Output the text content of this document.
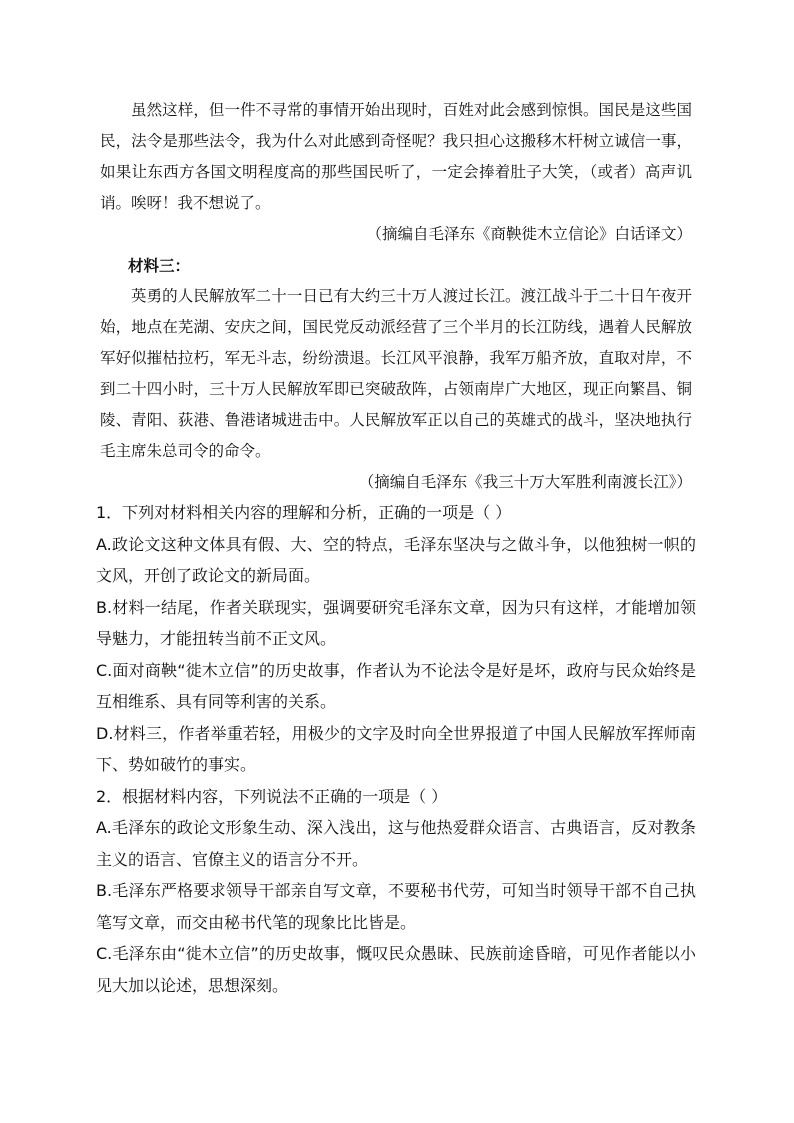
虽然这样，但一件不寻常的事情开始出现时，百姓对此会感到惊惧。国民是这些国民，法令是那些法令，我为什么对此感到奇怪呢？我只担心这搬移木杆树立诚信一事，如果让东西方各国文明程度高的那些国民听了，一定会捧着肚子大笑，（或者）高声讥诮。唉呀！我不想说了。

（摘编自毛泽东《商鞅徙木立信论》白话译文）

材料三：

英勇的人民解放军二十一日已有大约三十万人渡过长江。渡江战斗于二十日午夜开始，地点在芜湖、安庆之间，国民党反动派经营了三个半月的长江防线，遇着人民解放军好似摧枯拉朽，军无斗志，纷纷溃退。长江风平浪静，我军万船齐放，直取对岸，不到二十四小时，三十万人民解放军即已突破敌阵，占领南岸广大地区，现正向繁昌、铜陵、青阳、荻港、鲁港诸城进击中。人民解放军正以自己的英雄式的战斗，坚决地执行毛主席朱总司令的命令。

（摘编自毛泽东《我三十万大军胜利南渡长江》）

1．下列对材料相关内容的理解和分析，正确的一项是（ ）

A.政论文这种文体具有假、大、空的特点，毛泽东坚决与之做斗争，以他独树一帜的文风，开创了政论文的新局面。

B.材料一结尾，作者关联现实，强调要研究毛泽东文章，因为只有这样，才能增加领导魅力，才能扭转当前不正文风。

C.面对商鞅“徙木立信”的历史故事，作者认为不论法令是好是坏，政府与民众始终是互相维系、具有同等利害的关系。

D.材料三，作者举重若轻，用极少的文字及时向全世界报道了中国人民解放军挥师南下、势如破竹的事实。

2．根据材料内容，下列说法不正确的一项是（ ）

A.毛泽东的政论文形象生动、深入浅出，这与他热爱群众语言、古典语言，反对教条主义的语言、官僚主义的语言分不开。

B.毛泽东严格要求领导干部亲自写文章，不要秘书代劳，可知当时领导干部不自己执笔写文章，而交由秘书代笔的现象比比皆是。

C.毛泽东由“徙木立信”的历史故事，慨叹民众愚昧、民族前途昏暗，可见作者能以小见大加以论述，思想深刻。
